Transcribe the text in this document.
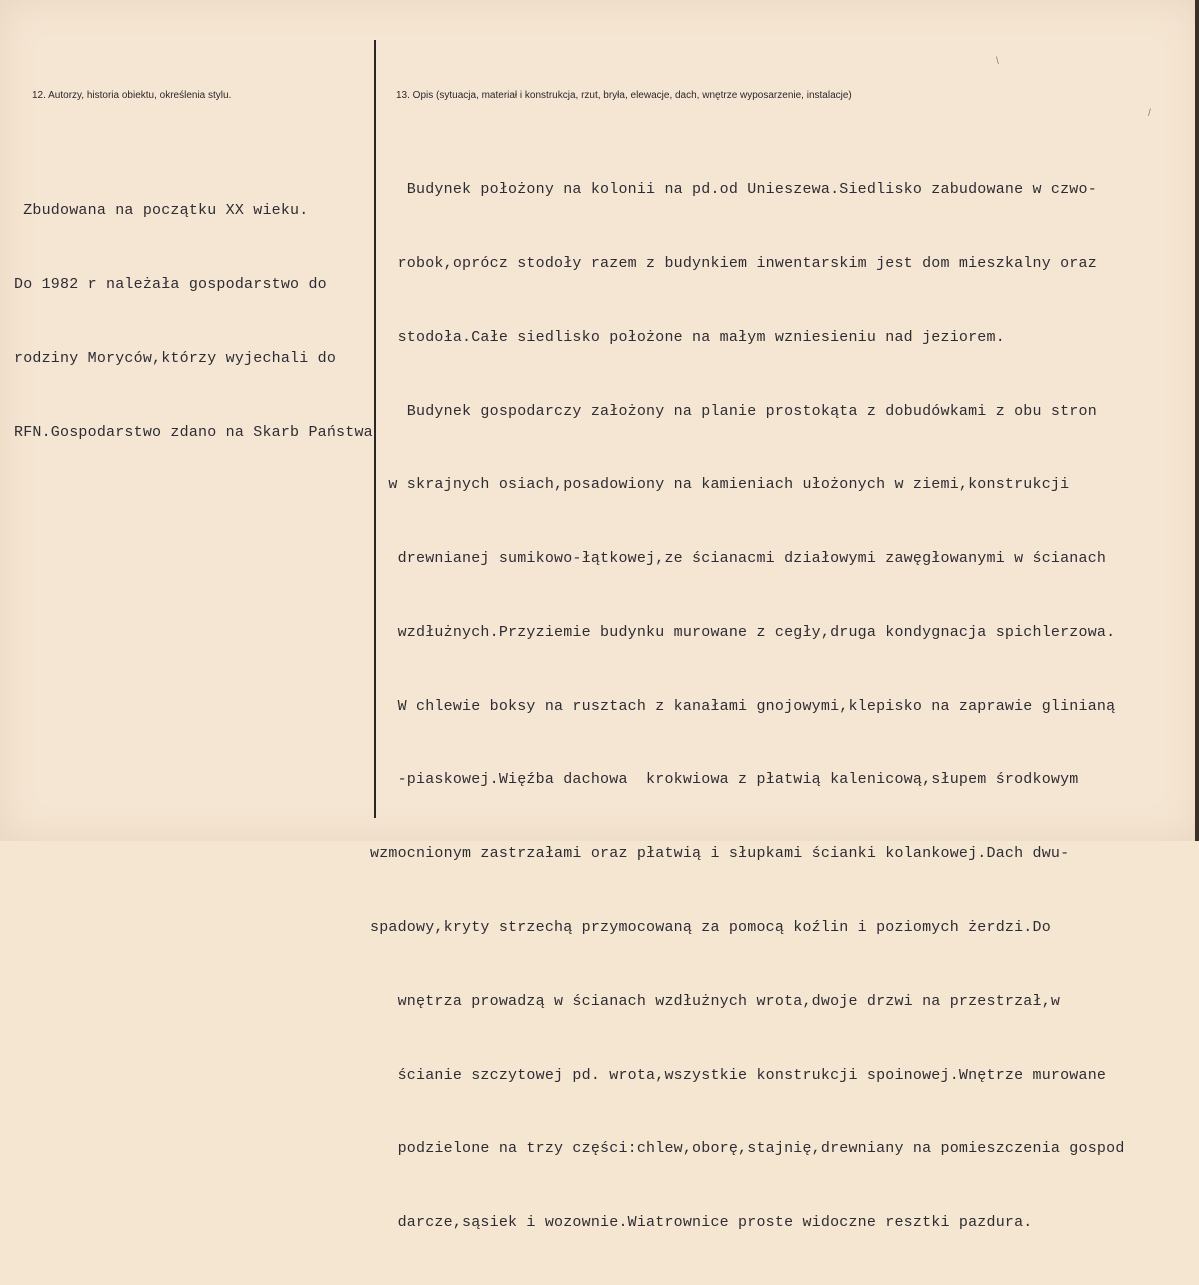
12. Autorzy, historia obiektu, określenia stylu.	13. Opis (sytuacja, materiał i konstrukcja, rzut, bryła, elewacje, dach, wnętrze wyposarzenie, instalacje)
\
/

Zbudowana na początku XX wieku.

Do 1982 r należała gospodarstwo do

rodziny Moryców,którzy wyjechali do

RFN.Gospodarstwo zdano na Skarb Państwa

Budynek położony na kolonii na pd.od Unieszewa.Siedlisko zabudowane w czwo-

robok,oprócz stodoły razem z budynkiem inwentarskim jest dom mieszkalny oraz

stodoła.Całe siedlisko położone na małym wzniesieniu nad jeziorem.

Budynek gospodarczy założony na planie prostokąta z dobudówkami z obu stron

w skrajnych osiach,posadowiony na kamieniach ułożonych w ziemi,konstrukcji

drewnianej sumikowo-łątkowej,ze ścianacmi działowymi zawęgłowanymi w ścianach

wzdłużnych.Przyziemie budynku murowane z cegły,druga kondygnacja spichlerzowa.

W chlewie boksy na rusztach z kanałami gnojowymi,klepisko na zaprawie glinianą

-piaskowej.Więźba dachowa  krokwiowa z płatwią kalenicową,słupem środkowym

wzmocnionym zastrzałami oraz płatwią i słupkami ścianki kolankowej.Dach dwu-

spadowy,kryty strzechą przymocowaną za pomocą koźlin i poziomych żerdzi.Do

wnętrza prowadzą w ścianach wzdłużnych wrota,dwoje drzwi na przestrzał,w

ścianie szczytowej pd. wrota,wszystkie konstrukcji spoinowej.Wnętrze murowane

podzielone na trzy części:chlew,oborę,stajnię,drewniany na pomieszczenia gospod

darcze,sąsiek i wozownie.Wiatrownice proste widoczne resztki pazdura.
